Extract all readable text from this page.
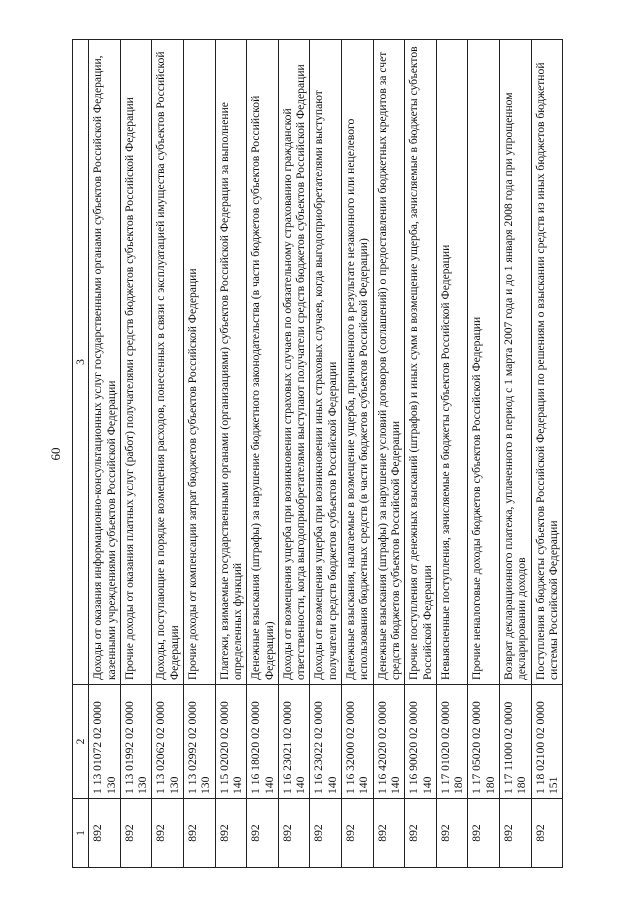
60
1	2	3
892	1 13 01072 02 0000 130	Доходы от оказания информационно-консультационных услуг государственными органами субъектов Российской Федерации, казенными учреждениями субъектов Российской Федерации
892	1 13 01992 02 0000 130	Прочие доходы от оказания платных услуг (работ) получателями средств бюджетов субъектов Российской Федерации
892	1 13 02062 02 0000 130	Доходы, поступающие в порядке возмещения расходов, понесенных в связи с эксплуатацией имущества субъектов Российской Федерации
892	1 13 02992 02 0000 130	Прочие доходы от компенсации затрат бюджетов субъектов Российской Федерации
892	1 15 02020 02 0000 140	Платежи, взимаемые государственными органами (организациями) субъектов Российской Федерации за выполнение определенных функций
892	1 16 18020 02 0000 140	Денежные взыскания (штрафы) за нарушение бюджетного законодательства (в части бюджетов субъектов Российской Федерации)
892	1 16 23021 02 0000 140	Доходы от возмещения ущерба при возникновении страховых случаев по обязательному страхованию гражданской ответственности, когда выгодоприобретателями выступают получатели средств бюджетов субъектов Российской Федерации
892	1 16 23022 02 0000 140	Доходы от возмещения ущерба при возникновении иных страховых случаев, когда выгодоприобретателями выступают получатели средств бюджетов субъектов Российской Федерации
892	1 16 32000 02 0000 140	Денежные взыскания, налагаемые в возмещение ущерба, причиненного в результате незаконного или нецелевого использования бюджетных средств (в части бюджетов субъектов Российской Федерации)
892	1 16 42020 02 0000 140	Денежные взыскания (штрафы) за нарушение условий договоров (соглашений) о предоставлении бюджетных кредитов за счет средств бюджетов субъектов Российской Федерации
892	1 16 90020 02 0000 140	Прочие поступления от денежных взысканий (штрафов) и иных сумм в возмещение ущерба, зачисляемые в бюджеты субъектов Российской Федерации
892	1 17 01020 02 0000 180	Невыясненные поступления, зачисляемые в бюджеты субъектов Российской Федерации
892	1 17 05020 02 0000 180	Прочие неналоговые доходы бюджетов субъектов Российской Федерации
892	1 17 11000 02 0000 180	Возврат декларационного платежа, уплаченного в период с 1 марта 2007 года и до 1 января 2008 года при упрощенном декларировании доходов
892	1 18 02100 02 0000 151	Поступления в бюджеты субъектов Российской Федерации по решениям о взыскании средств из иных бюджетов бюджетной системы Российской Федерации
